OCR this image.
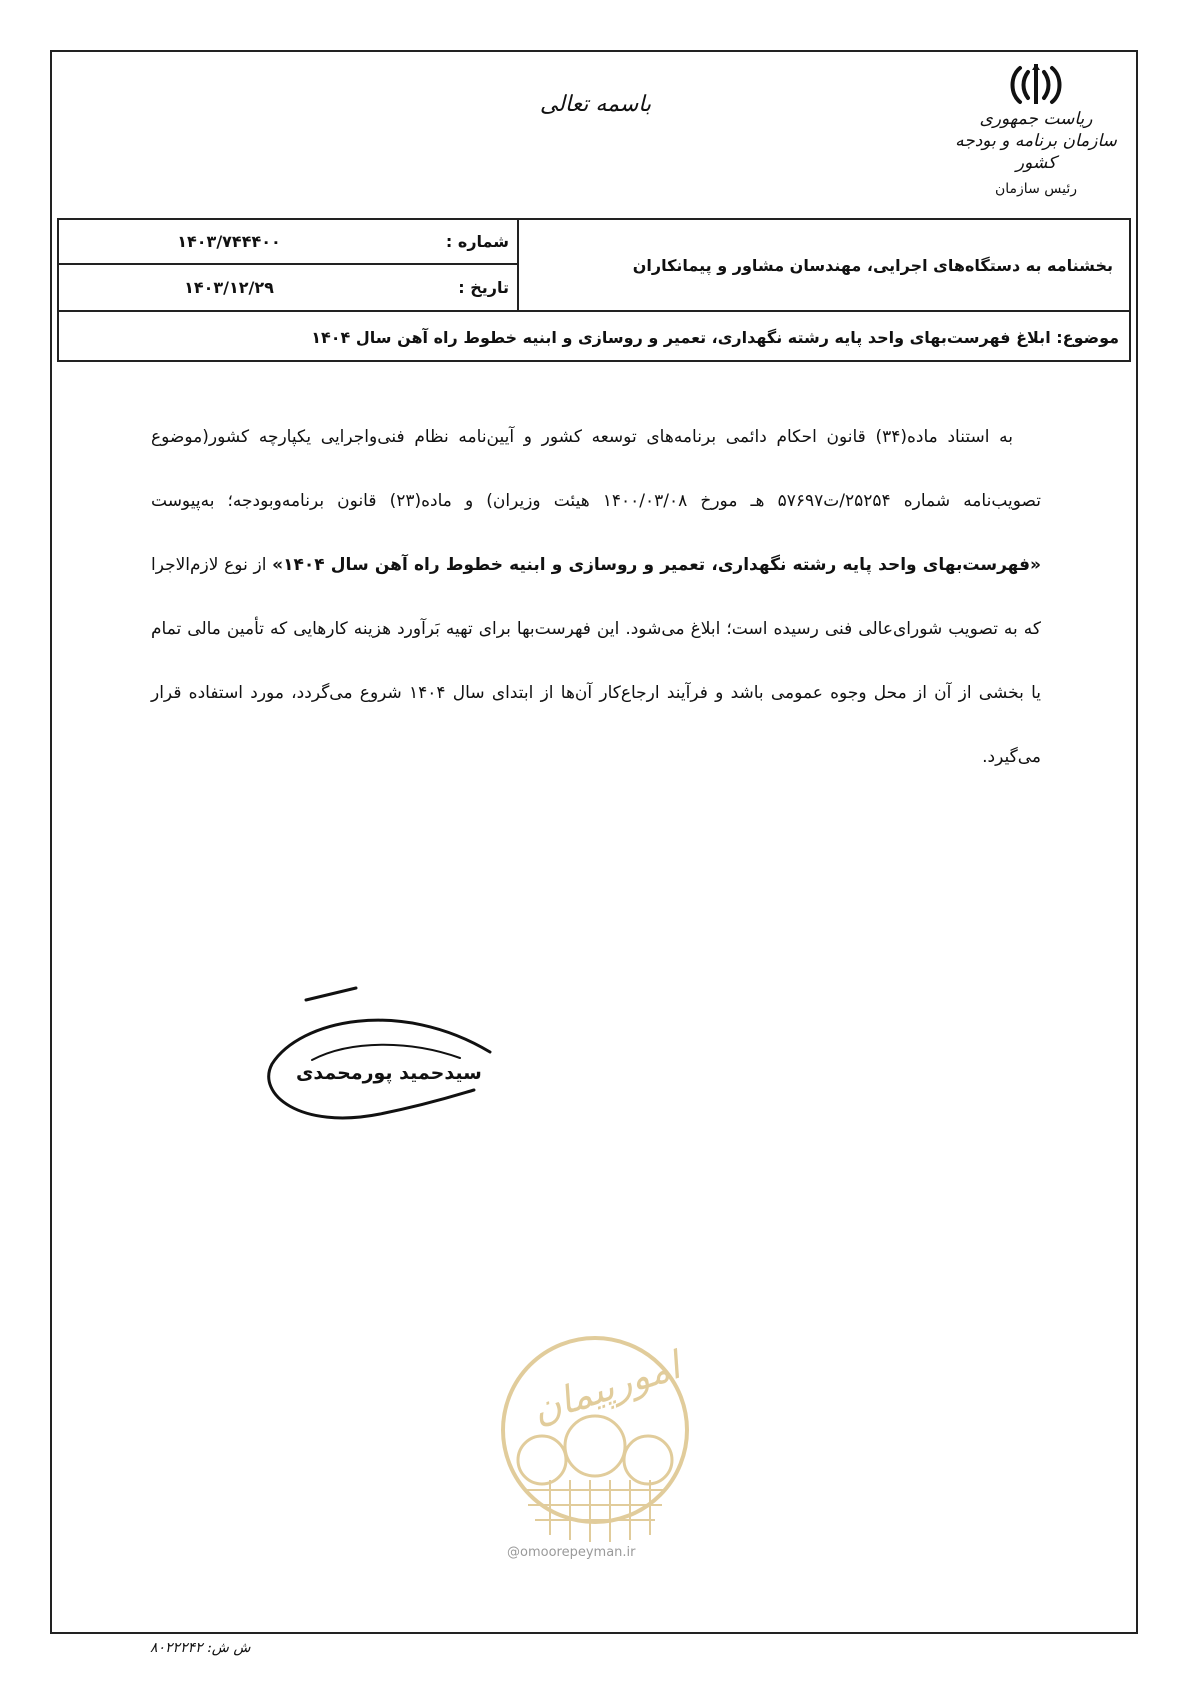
ریاست جمهوری

سازمان برنامه و بودجه کشور

رئیس سازمان

باسمه تعالی
بخشنامه به دستگاه‌های اجرایی، مهندسان مشاور و پیمانکاران
شماره :
۱۴۰۳/۷۴۴۴۰۰
تاریخ :
۱۴۰۳/۱۲/۲۹
موضوع: ابلاغ فهرست‌بهای واحد پایه رشته نگهداری، تعمیر و روسازی و ابنیه خطوط راه آهن سال ۱۴۰۴

به استناد ماده(۳۴) قانون احکام دائمی برنامه‌های توسعه کشور و آیین‌نامه نظام فنی‌واجرایی یکپارچه کشور(موضوع تصویب‌نامه شماره ۲۵۲۵۴/ت۵۷۶۹۷ هـ مورخ ۱۴۰۰/۰۳/۰۸ هیئت وزیران) و ماده(۲۳) قانون برنامه‌وبودجه؛ به‌پیوست «فهرست‌بهای واحد پایه رشته نگهداری، تعمیر و روسازی و ابنیه خطوط راه آهن سال ۱۴۰۴» از نوع لازم‌الاجرا که به تصویب شورای‌عالی فنی رسیده است؛ ابلاغ می‌شود. این فهرست‌بها برای تهیه بَرآورد هزینه کارهایی که تأمین مالی تمام یا بخشی از آن از محل وجوه عمومی باشد و فرآیند ارجاع‌کار آن‌ها از ابتدای سال ۱۴۰۴ شروع می‌گردد، مورد استفاده قرار می‌گیرد.

سیدحمید پورمحمدی
امورپیمان
@omoorepeyman.ir
ش ش: ۸۰۲۲۲۴۲
